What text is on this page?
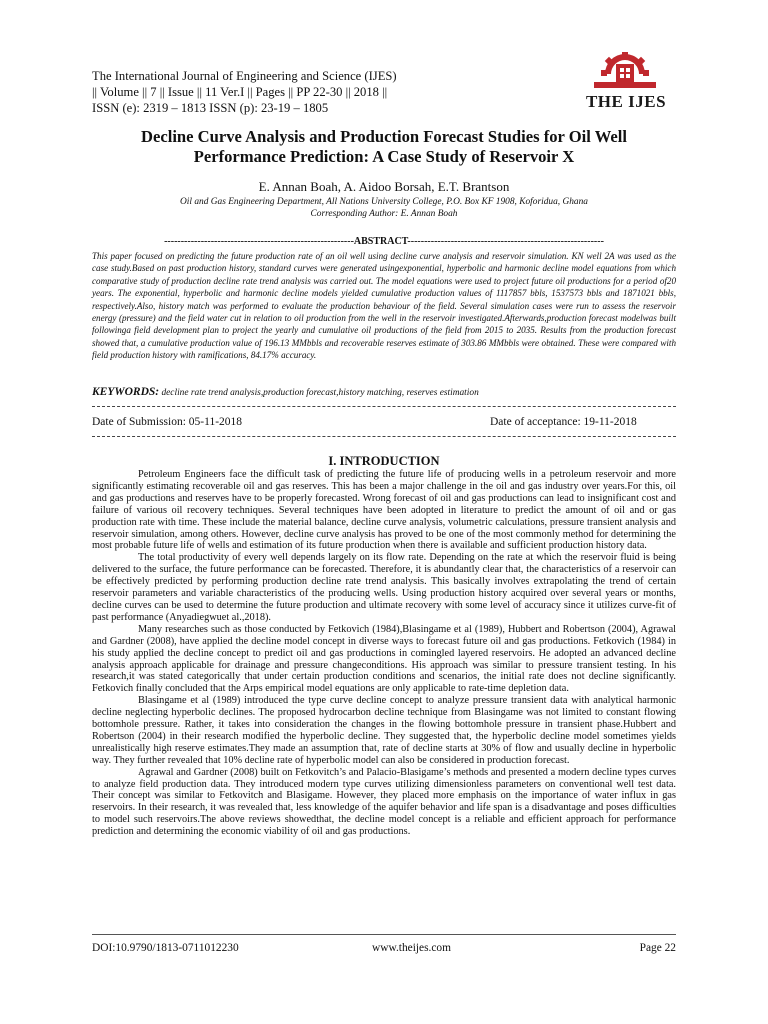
The International Journal of Engineering and Science (IJES)
|| Volume || 7 || Issue || 11 Ver.I || Pages || PP 22-30 || 2018 ||
ISSN (e): 2319 – 1813 ISSN (p): 23-19 – 1805	THE IJES
Decline Curve Analysis and Production Forecast Studies for Oil Well
Performance Prediction: A Case Study of Reservoir X
E. Annan Boah, A. Aidoo Borsah, E.T. Brantson
Oil and Gas Engineering Department, All Nations University College, P.O. Box KF 1908, Koforidua, Ghana
Corresponding Author: E. Annan Boah
---------------------------------------------------------ABSTRACT-----------------------------------------------------------
This paper focused on predicting the future production rate of an oil well using decline curve analysis and reservoir simulation. KN well 2A was used as the case study.Based on past production history, standard curves were generated usingexponential, hyperbolic and harmonic decline model equations from which comparative study of production decline rate trend analysis was carried out. The model equations were used to project future oil productions for a period of20 years. The exponential, hyperbolic and harmonic decline models yielded cumulative production values of 1117857 bbls, 1537573 bbls and 1871021 bbls, respectively.Also, history match was performed to evaluate the production behaviour of the field. Several simulation cases were run to assess the reservoir energy (pressure) and the field water cut in relation to oil production from the well in the reservoir investigated.Afterwards,production forecast modelwas built followinga field development plan to project the yearly and cumulative oil productions of the field from 2015 to 2035. Results from the production forecast showed that, a cumulative production value of 196.13 MMbbls and recoverable reserves estimate of 303.86 MMbbls were obtained. These were compared with field production history with ramifications, 84.17% accuracy.
KEYWORDS: decline rate trend analysis,production forecast,history matching, reserves estimation
Date of Submission: 05-11-2018	Date of acceptance: 19-11-2018
I. INTRODUCTION

Petroleum Engineers face the difficult task of predicting the future life of producing wells in a petroleum reservoir and more significantly estimating recoverable oil and gas reserves. This has been a major challenge in the oil and gas industry over years.For this, oil and gas productions and reserves have to be properly forecasted. Wrong forecast of oil and gas productions can lead to insignificant cost and failure of various oil recovery techniques. Several techniques have been adopted in literature to predict the amount of oil and or gas production rate with time. These include the material balance, decline curve analysis, volumetric calculations, pressure transient analysis and reservoir simulation, among others. However, decline curve analysis has proved to be one of the most commonly method for determining the most probable future life of wells and estimation of its future production when there is available and sufficient production history data.

The total productivity of every well depends largely on its flow rate. Depending on the rate at which the reservoir fluid is being delivered to the surface, the future performance can be forecasted. Therefore, it is abundantly clear that, the characteristics of a reservoir can be effectively predicted by performing production decline rate trend analysis. This basically involves extrapolating the trend of certain reservoir parameters and variable characteristics of the producing wells. Using production history acquired over several years or months, decline curves can be used to determine the future production and ultimate recovery with some level of accuracy since it utilizes curve-fit of past performance (Anyadiegwuet al.,2018).

Many researches such as those conducted by Fetkovich (1984),Blasingame et al (1989), Hubbert and Robertson (2004), Agrawal and Gardner (2008), have applied the decline model concept in diverse ways to forecast future oil and gas productions. Fetkovich (1984) in his study applied the decline concept to predict oil and gas productions in comingled layered reservoirs. He adopted an advanced decline analysis approach applicable for drainage and pressure changeconditions. His approach was similar to pressure transient testing. In his research,it was stated categorically that under certain production conditions and scenarios, the initial rate does not decline significantly. Fetkovich finally concluded that the Arps empirical model equations are only applicable to rate-time depletion data.

Blasingame et al (1989) introduced the type curve decline concept to analyze pressure transient data with analytical harmonic decline neglecting hyperbolic declines. The proposed hydrocarbon decline technique from Blasingame was not limited to constant flowing bottomhole pressure. Rather, it takes into consideration the changes in the flowing bottomhole pressure in transient phase.Hubbert and Robertson (2004) in their research modified the hyperbolic decline. They suggested that, the hyperbolic decline model sometimes yields unrealistically high reserve estimates.They made an assumption that, rate of decline starts at 30% of flow and usually decline in hyperbolic way. They further revealed that 10% decline rate of hyperbolic model can also be considered in production forecast.

Agrawal and Gardner (2008) built on Fetkovitch’s and Palacio-Blasigame’s methods and presented a modern decline types curves to analyze field production data. They introduced modern type curves utilizing dimensionless parameters on conventional well test data. Their concept was similar to Fetkovitch and Blasigame. However, they placed more emphasis on the importance of water influx in gas reservoirs. In their research, it was revealed that, less knowledge of the aquifer behavior and life span is a disadvantage and poses difficulties to model such reservoirs.The above reviews showedthat, the decline model concept is a reliable and efficient approach for performance prediction and determining the economic viability of oil and gas productions.

DOI:10.9790/1813-0711012230	www.theijes.com	Page 22
